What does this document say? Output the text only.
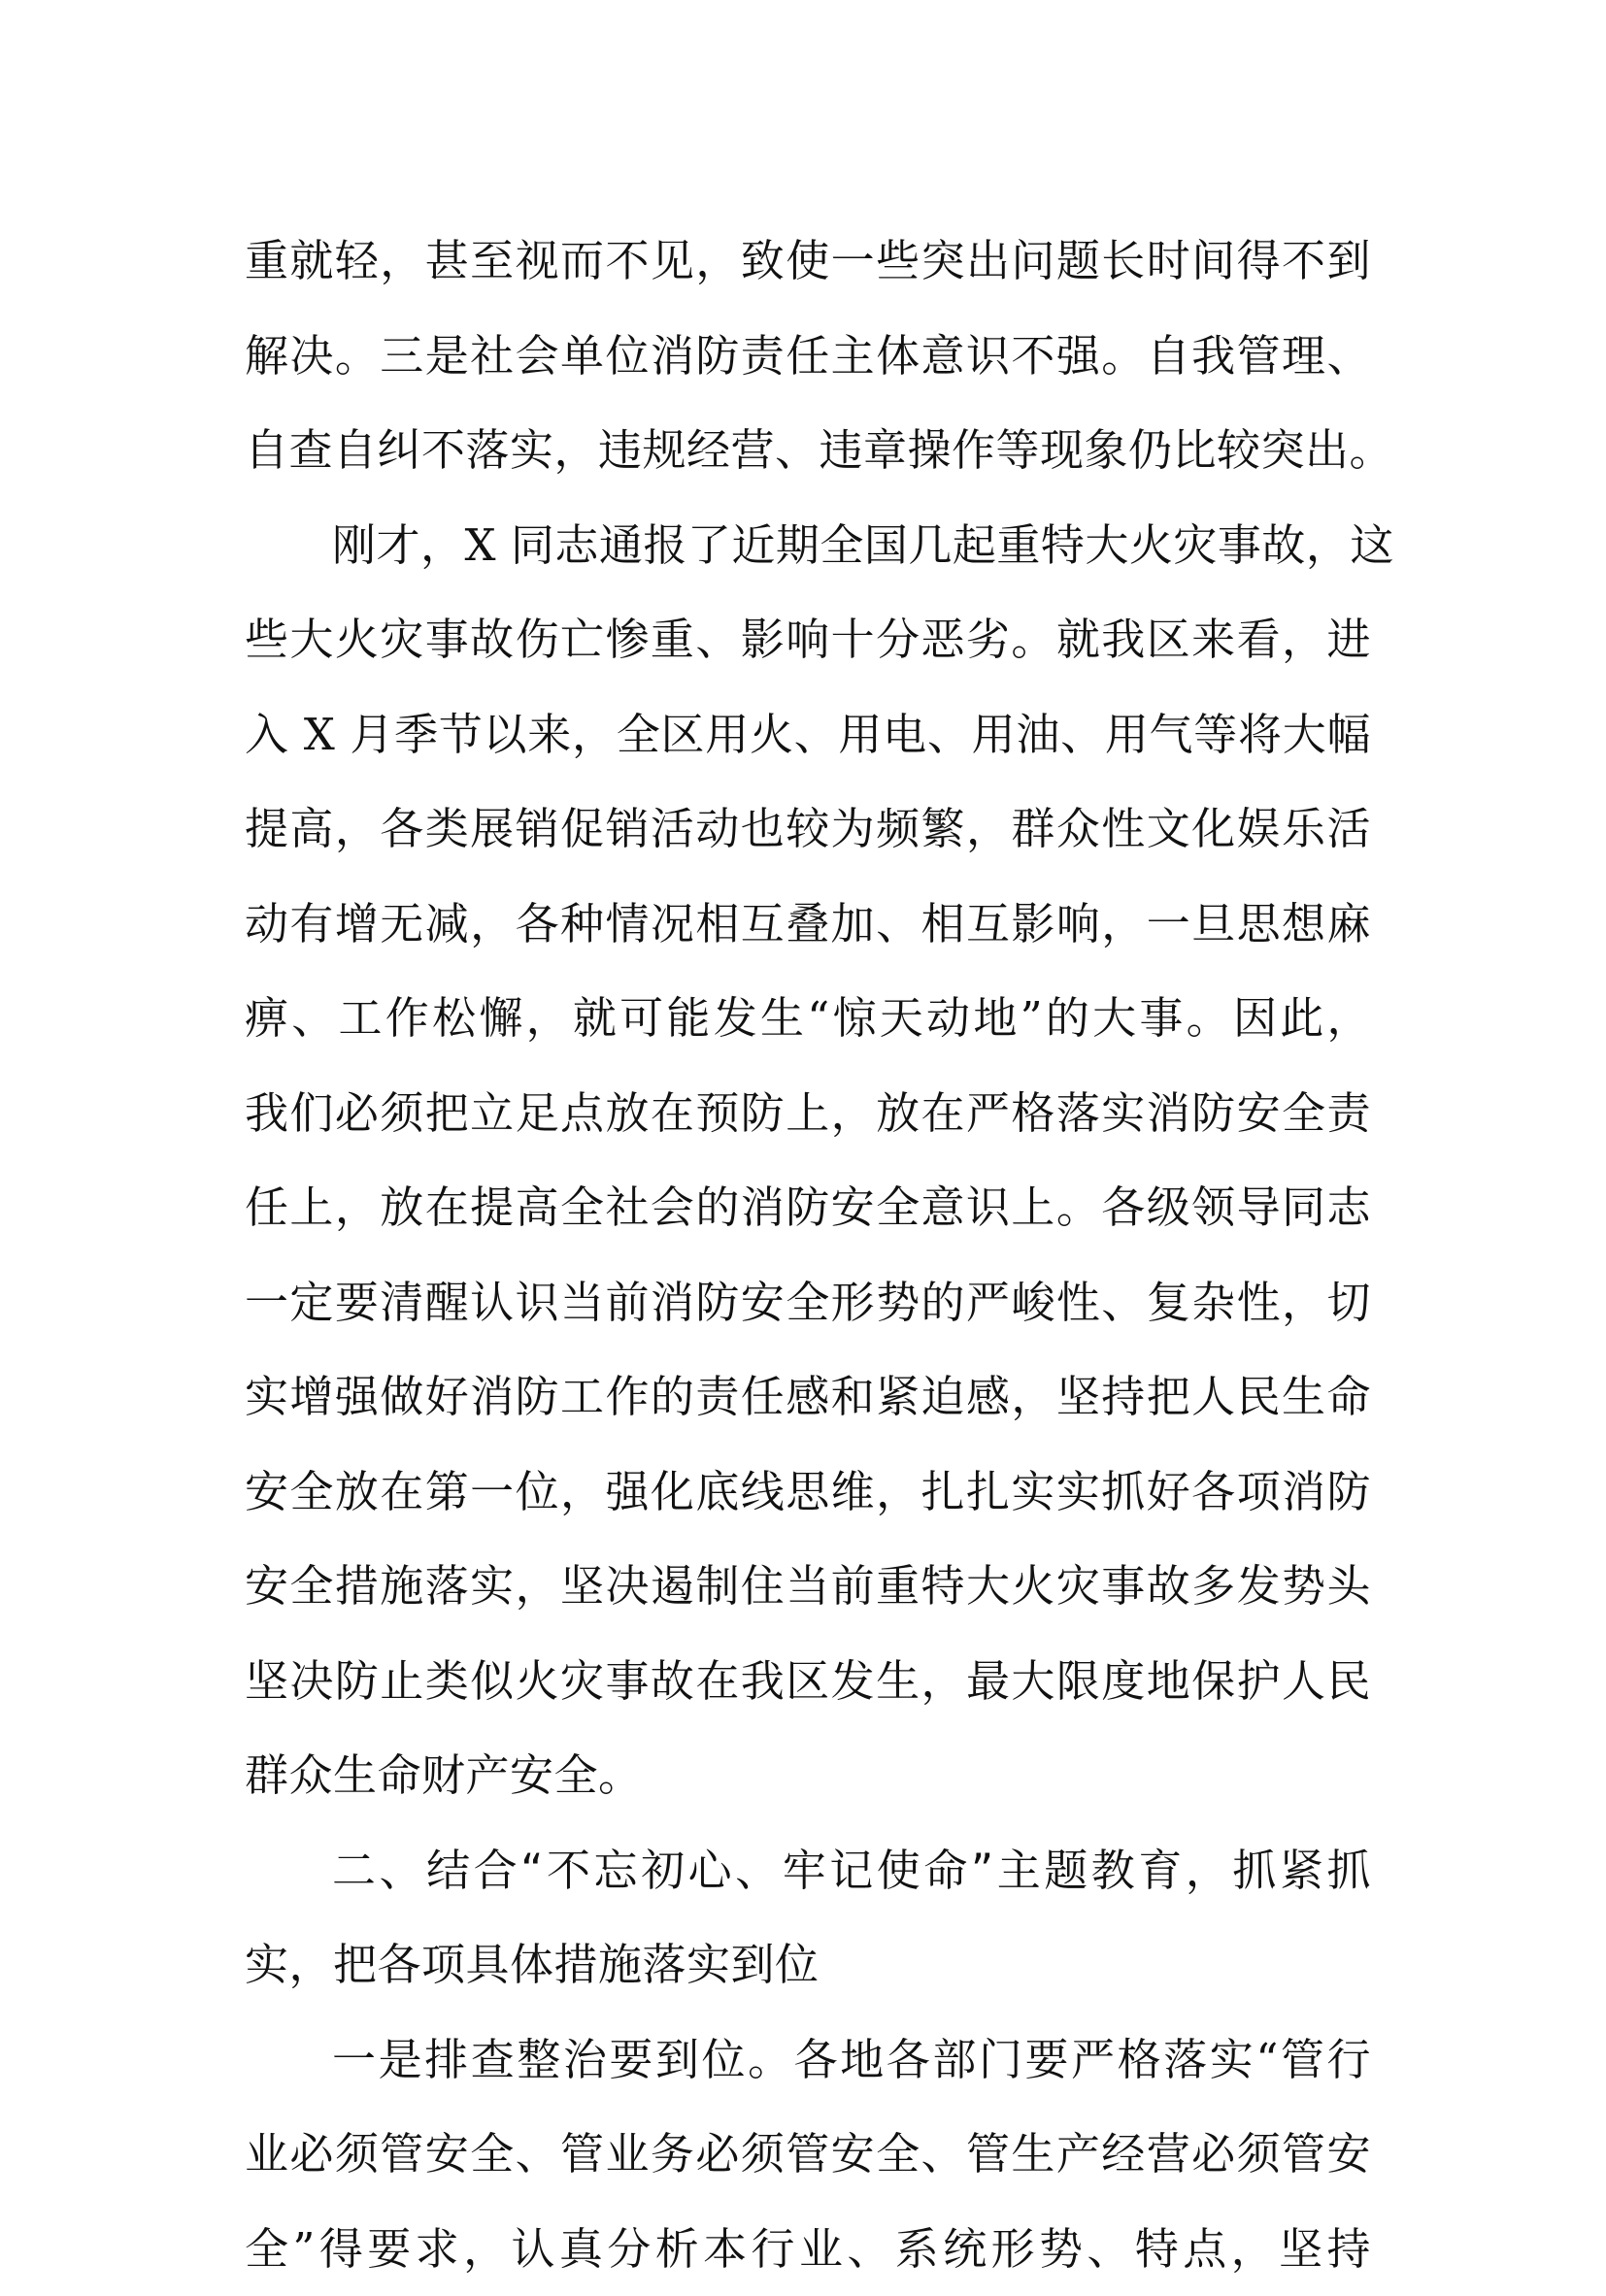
重就轻，甚至视而不见，致使一些突出问题长时间得不到
解决。三是社会单位消防责任主体意识不强。自我管理、
自查自纠不落实，违规经营、违章操作等现象仍比较突出。
刚才，X 同志通报了近期全国几起重特大火灾事故，这
些大火灾事故伤亡惨重、影响十分恶劣。就我区来看，进
入 X 月季节以来，全区用火、用电、用油、用气等将大幅
提高，各类展销促销活动也较为频繁，群众性文化娱乐活
动有增无减，各种情况相互叠加、相互影响，一旦思想麻
痹、工作松懈，就可能发生“惊天动地”的大事。因此，
我们必须把立足点放在预防上，放在严格落实消防安全责
任上，放在提高全社会的消防安全意识上。各级领导同志
一定要清醒认识当前消防安全形势的严峻性、复杂性，切
实增强做好消防工作的责任感和紧迫感，坚持把人民生命
安全放在第一位，强化底线思维，扎扎实实抓好各项消防
安全措施落实，坚决遏制住当前重特大火灾事故多发势头
坚决防止类似火灾事故在我区发生，最大限度地保护人民
群众生命财产安全。
二、结合“不忘初心、牢记使命”主题教育，抓紧抓
实，把各项具体措施落实到位
一是排查整治要到位。各地各部门要严格落实“管行
业必须管安全、管业务必须管安全、管生产经营必须管安
全”得要求，认真分析本行业、系统形势、特点，坚持
